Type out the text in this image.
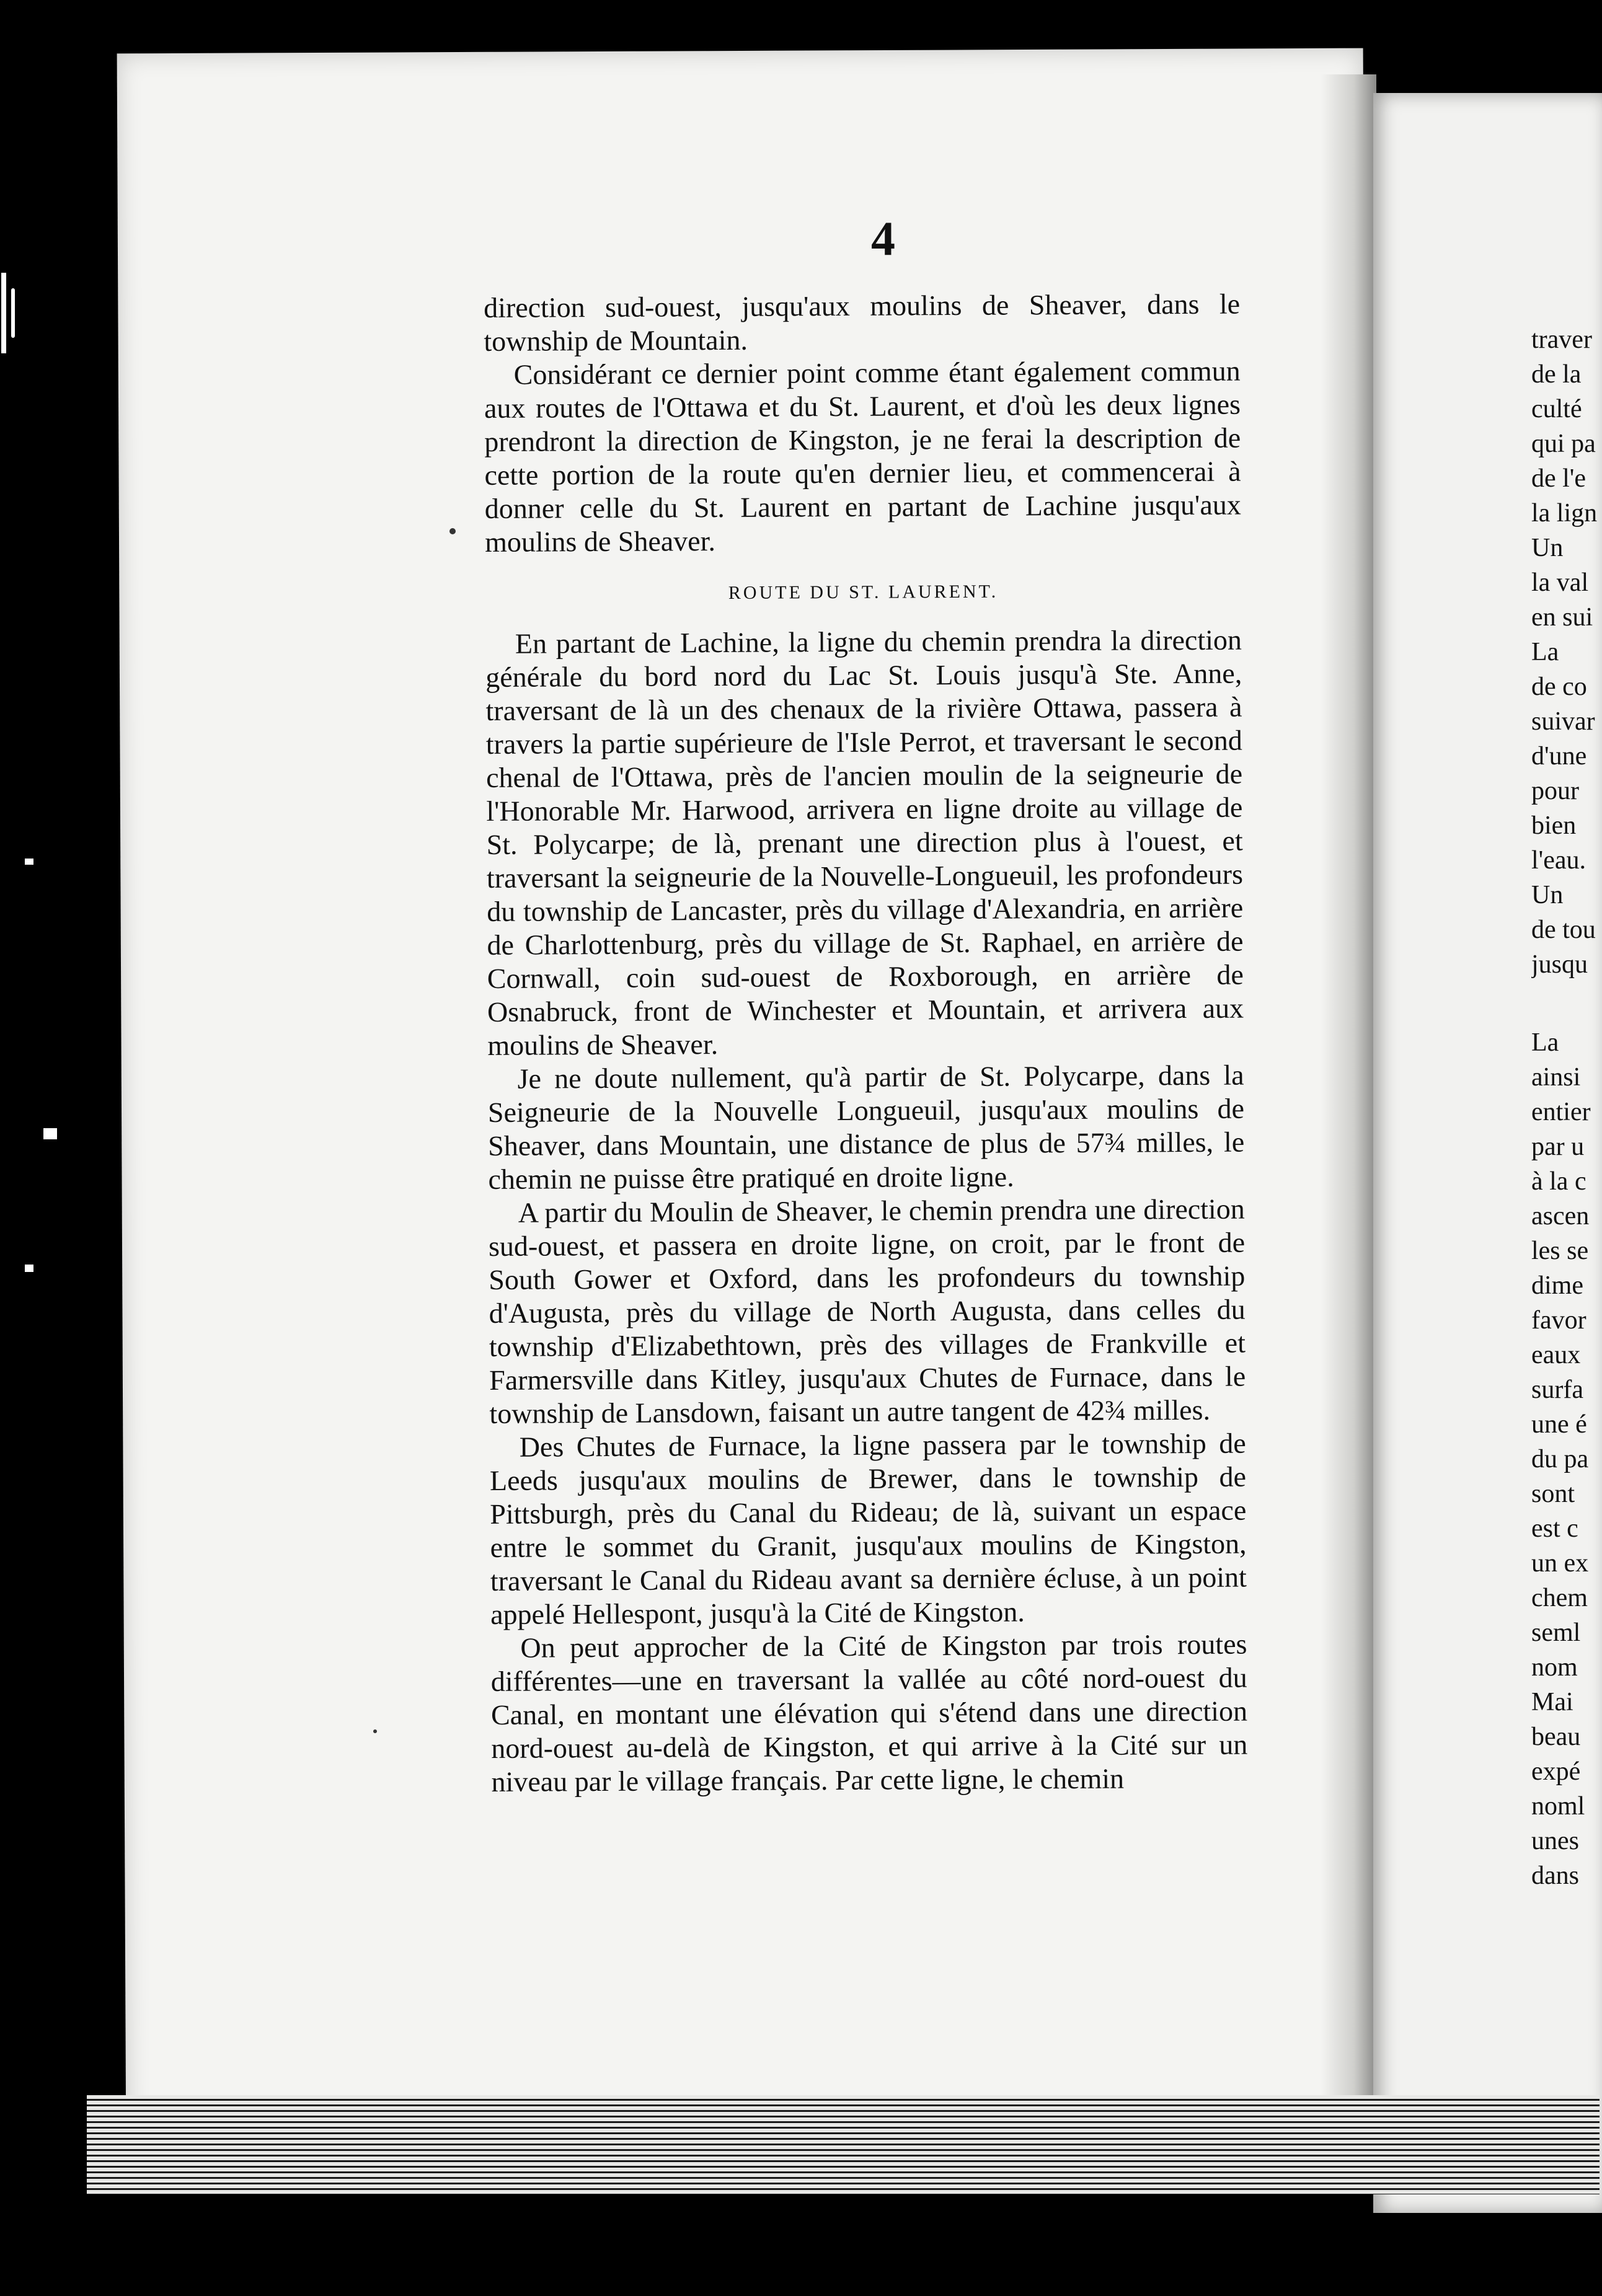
4

direction sud-ouest, jusqu'aux moulins de Sheaver, dans le township de Mountain.

Considérant ce dernier point comme étant également commun aux routes de l'Ottawa et du St. Laurent, et d'où les deux lignes prendront la direction de Kingston, je ne ferai la description de cette portion de la route qu'en dernier lieu, et commencerai à donner celle du St. Laurent en partant de Lachine jusqu'aux moulins de Sheaver.

ROUTE DU ST. LAURENT.

En partant de Lachine, la ligne du chemin prendra la direction générale du bord nord du Lac St. Louis jusqu'à Ste. Anne, traversant de là un des chenaux de la rivière Ottawa, passera à travers la partie supérieure de l'Isle Perrot, et traversant le second chenal de l'Ottawa, près de l'ancien moulin de la seigneurie de l'Honorable Mr. Harwood, arrivera en ligne droite au village de St. Polycarpe; de là, prenant une direction plus à l'ouest, et traversant la seigneurie de la Nouvelle-Longueuil, les profondeurs du township de Lancaster, près du village d'Alexandria, en arrière de Charlottenburg, près du village de St. Raphael, en arrière de Cornwall, coin sud-ouest de Roxborough, en arrière de Osnabruck, front de Winchester et Mountain, et arrivera aux moulins de Sheaver.

Je ne doute nullement, qu'à partir de St. Polycarpe, dans la Seigneurie de la Nouvelle Longueuil, jusqu'aux moulins de Sheaver, dans Mountain, une distance de plus de 57¾ milles, le chemin ne puisse être pratiqué en droite ligne.

A partir du Moulin de Sheaver, le chemin prendra une direction sud-ouest, et passera en droite ligne, on croit, par le front de South Gower et Oxford, dans les profondeurs du township d'Augusta, près du village de North Augusta, dans celles du township d'Elizabethtown, près des villages de Frankville et Farmersville dans Kitley, jusqu'aux Chutes de Furnace, dans le township de Lansdown, faisant un autre tangent de 42¾ milles.

Des Chutes de Furnace, la ligne passera par le township de Leeds jusqu'aux moulins de Brewer, dans le township de Pittsburgh, près du Canal du Rideau; de là, suivant un espace entre le sommet du Granit, jusqu'aux moulins de Kingston, traversant le Canal du Rideau avant sa dernière écluse, à un point appelé Hellespont, jusqu'à la Cité de Kingston.

On peut approcher de la Cité de Kingston par trois routes différentes—une en traversant la vallée au côté nord-ouest du Canal, en montant une élévation qui s'étend dans une direction nord-ouest au-delà de Kingston, et qui arrive à la Cité sur un niveau par le village français. Par cette ligne, le chemin

traver
de la
culté
qui pa
de l'e
la lign
Un
la val
en sui
La
de co
suivar
d'une
pour
bien
l'eau.
Un
de tou
jusqu
La
ainsi
entier
par u
à la c
ascen
les se
dime
favor
eaux
surfa
une é
du pa
sont
est c
un ex
chem
seml
nom
Mai
beau
expé
noml
unes
dans
